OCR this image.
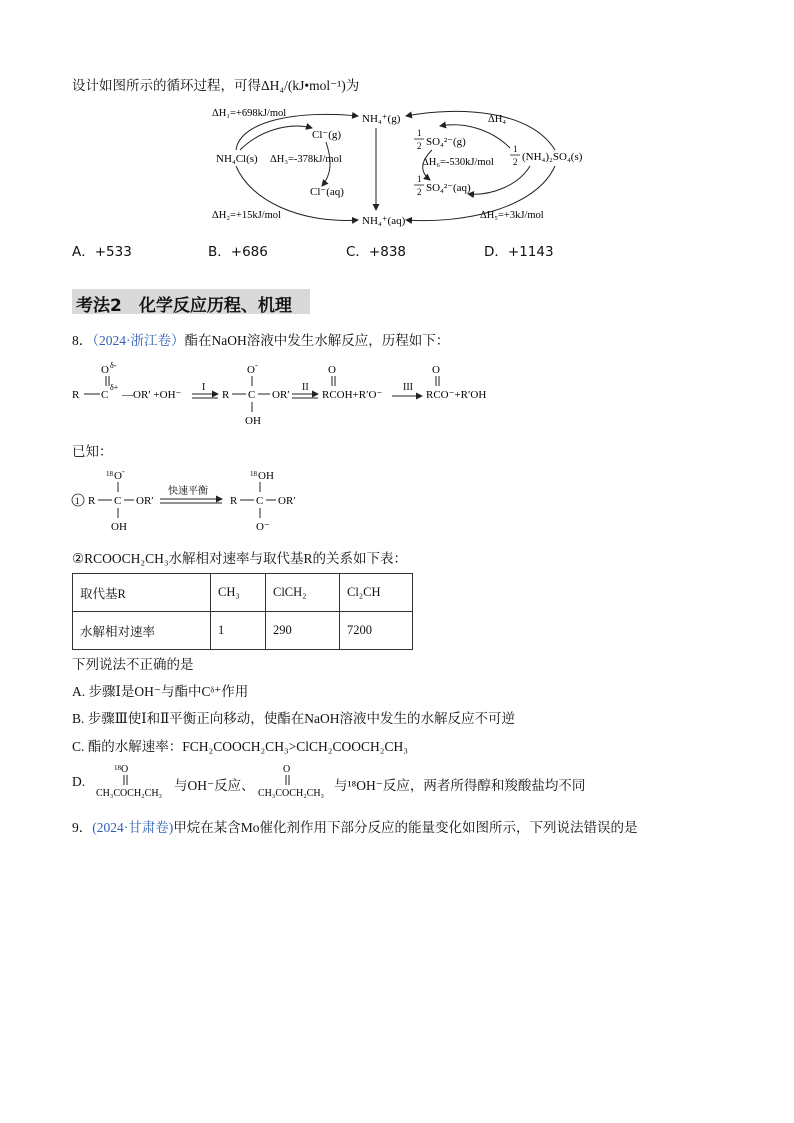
设计如图所示的循环过程，可得ΔH₄/(kJ•mol⁻¹)为
ΔH₁=+698kJ/mol
NH₄Cl(s)
Cl⁻(g)
ΔH₃=-378kJ/mol
Cl⁻(aq)
ΔH₂=+15kJ/mol
NH₄⁺(g)
NH₄⁺(aq)
1
2 SO₄²⁻(g)
ΔH₆=-530kJ/mol
1
2 SO₄²⁻(aq)
1
2 (NH₄)₂SO₄(s)
ΔH₄
ΔH₅=+3kJ/mol
A．+533	B．+686	C．+838	D．+1143
考法2　化学反应历程、机理
8．（2024·浙江卷）酯在NaOH溶液中发生水解反应，历程如下：
R C
O δ-
δ+
—OR′ +OH⁻
I
R C
O -
OH
OR′
II
RCOH+R′O⁻
O
III
RCO⁻+R′OH
O
已知：
1 R C
18 O -
OH
OR′
快速平衡
R C
18 OH
O⁻
OR′
②RCOOCH₂CH₃水解相对速率与取代基R的关系如下表：
取代基R	CH₃	ClCH₂	Cl₂CH
水解相对速率	1	290	7200
下列说法不正确的是
A. 步骤Ⅰ是OH⁻与酯中Cᵟ⁺作用
B. 步骤Ⅲ使Ⅰ和Ⅱ平衡正向移动，使酯在NaOH溶液中发生的水解反应不可逆
C. 酯的水解速率：FCH₂COOCH₂CH₃>ClCH₂COOCH₂CH₃
D.
18 O
CH₃COCH₂CH₃
与OH⁻反应、
O
CH₃COCH₂CH₃
与¹⁸OH⁻反应，两者所得醇和羧酸盐均不同
9．(2024·甘肃卷)甲烷在某含Mo催化剂作用下部分反应的能量变化如图所示，下列说法错误的是
